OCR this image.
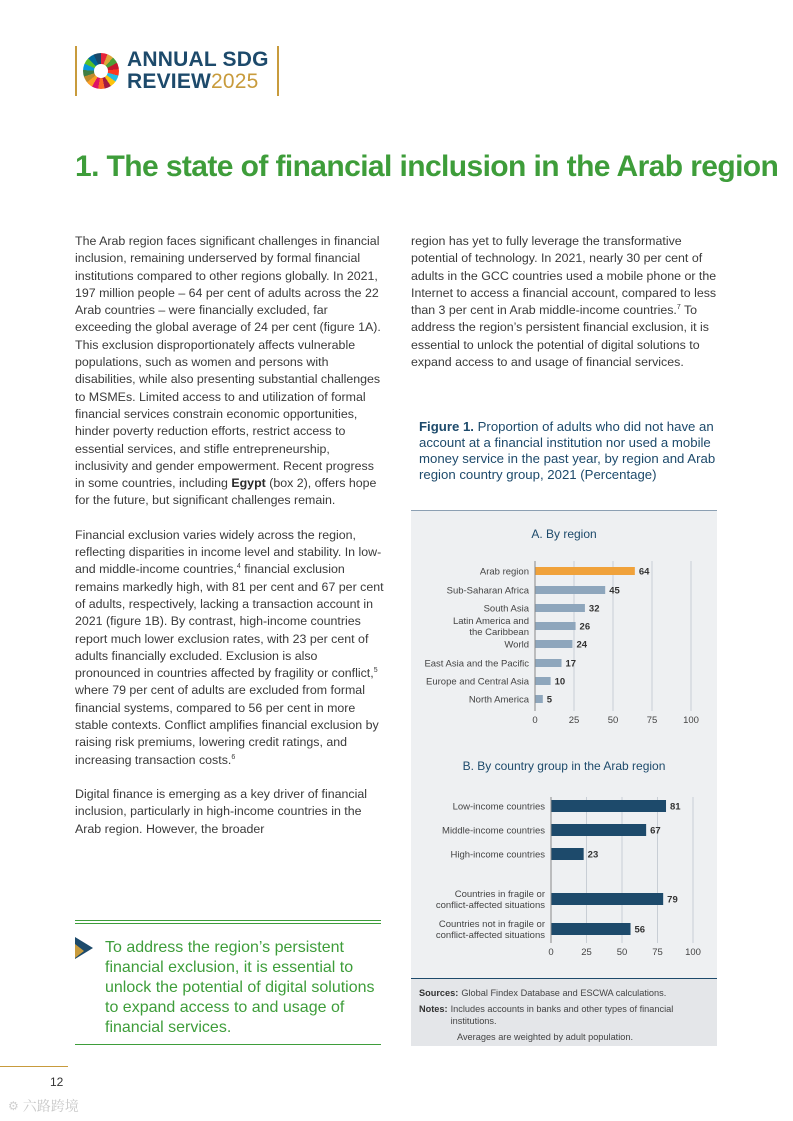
ANNUAL SDG
REVIEW2025
1. The state of financial inclusion in the Arab region

The Arab region faces significant challenges in financial inclusion, remaining underserved by formal financial institutions compared to other regions globally. In 2021, 197 million people – 64 per cent of adults across the 22 Arab countries – were financially excluded, far exceeding the global average of 24 per cent (figure 1A). This exclusion disproportionately affects vulnerable populations, such as women and persons with disabilities, while also presenting substantial challenges to MSMEs. Limited access to and utilization of formal financial services constrain economic opportunities, hinder poverty reduction efforts, restrict access to essential services, and stifle entrepreneurship, inclusivity and gender empowerment. Recent progress in some countries, including Egypt (box 2), offers hope for the future, but significant challenges remain.

Financial exclusion varies widely across the region, reflecting disparities in income level and stability. In low- and middle-income countries,$^4$ financial exclusion remains markedly high, with 81 per cent and 67 per cent of adults, respectively, lacking a transaction account in 2021 (figure 1B). By contrast, high-income countries report much lower exclusion rates, with 23 per cent of adults financially excluded. Exclusion is also pronounced in countries affected by fragility or conflict,$^5$ where 79 per cent of adults are excluded from formal financial systems, compared to 56 per cent in more stable contexts. Conflict amplifies financial exclusion by raising risk premiums, lowering credit ratings, and increasing transaction costs.$^6$

Digital finance is emerging as a key driver of financial inclusion, particularly in high-income countries in the Arab region. However, the broader

region has yet to fully leverage the transformative potential of technology. In 2021, nearly 30 per cent of adults in the GCC countries used a mobile phone or the Internet to access a financial account, compared to less than 3 per cent in Arab middle-income countries.$^7$ To address the region’s persistent financial exclusion, it is essential to unlock the potential of digital solutions to expand access to and usage of financial services.

To address the region’s persistent financial exclusion, it is essential to unlock the potential of digital solutions to expand access to and usage of financial services.
Figure 1. Proportion of adults who did not have an account at a financial institution nor used a mobile money service in the past year, by region and Arab region country group, 2021 (Percentage)
A. By region
0	25	50	75	100
64
Arab region
45
Sub-Saharan Africa
32
South Asia
26
Latin America and
the Caribbean
24
World
17
East Asia and the Pacific
10
Europe and Central Asia
5
North America
B. By country group in the Arab region
0	25	50	75 100
81
Low-income countries
67
Middle-income countries
23
High-income countries
79
Countries in fragile or
conflict-affected situations
56
Countries not in fragile or
conflict-affected situations
Sources: Global Findex Database and ESCWA calculations.
Notes: Includes accounts in banks and other types of financial institutions.
Averages are weighted by adult population.
12
⚙ 六路跨境
